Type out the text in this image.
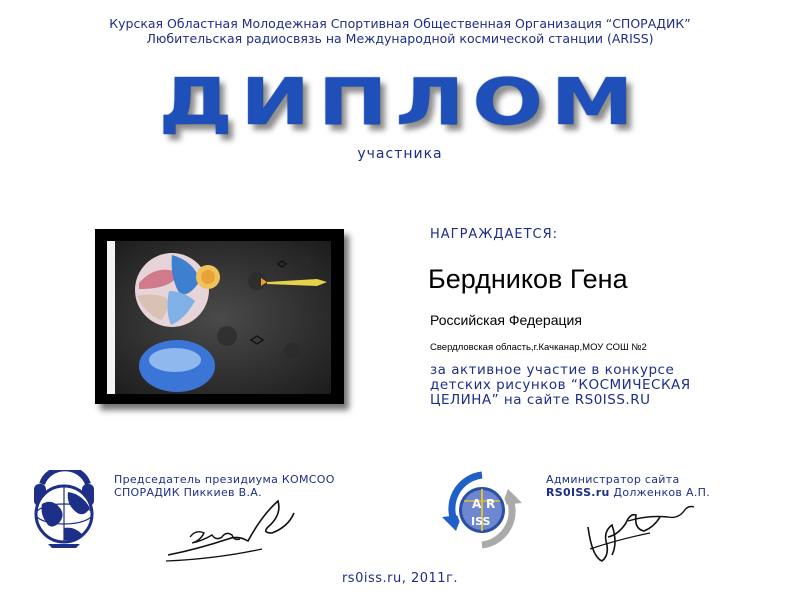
Курская Областная Молодежная Спортивная Общественная Организация “СПОРАДИК”
Любительская радиосвязь на Международной космической станции (ARISS)
ДИПЛОМ
участника
.
НАГРАЖДАЕТСЯ:
Бердников Гена
Российская Федерация
Свердловская область,г.Качканар,МОУ СОШ №2
за активное участие в конкурсе
детских рисунков “КОСМИЧЕСКАЯ
ЦЕЛИНА” на сайте RS0ISS.RU
Председатель президиума КОМСОО
СПОРАДИК Пиккиев В.А.
A R
ISS
Администратор сайта
RS0ISS.ru Долженков А.П.
rs0iss.ru, 2011г.
